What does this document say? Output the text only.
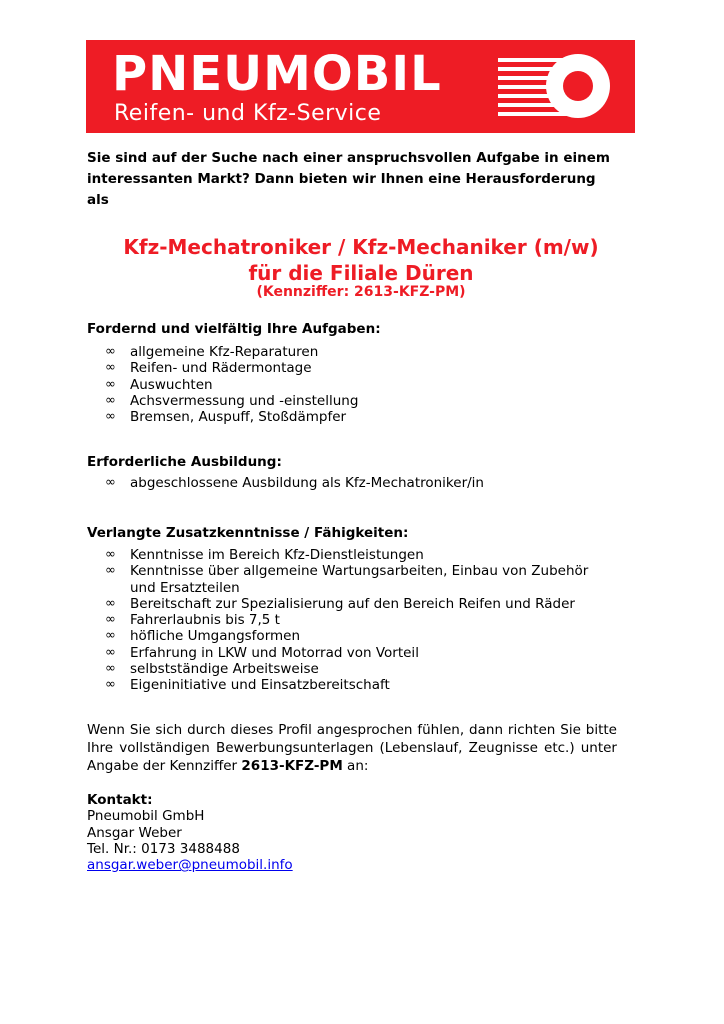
PNEUMOBIL
Reifen- und Kfz-Service
Sie sind auf der Suche nach einer anspruchsvollen Aufgabe in einem interessanten Markt? Dann bieten wir Ihnen eine Herausforderung als
Kfz-Mechatroniker / Kfz-Mechaniker (m/w)
für die Filiale Düren
(Kennziffer: 2613-KFZ-PM)
Fordernd und vielfältig Ihre Aufgaben:
∞ allgemeine Kfz-Reparaturen
∞ Reifen- und Rädermontage
∞ Auswuchten
∞ Achsvermessung und -einstellung
∞ Bremsen, Auspuff, Stoßdämpfer
Erforderliche Ausbildung:
∞ abgeschlossene Ausbildung als Kfz-Mechatroniker/in
Verlangte Zusatzkenntnisse / Fähigkeiten:
∞ Kenntnisse im Bereich Kfz-Dienstleistungen
∞ Kenntnisse über allgemeine Wartungsarbeiten, Einbau von Zubehör und Ersatzteilen
∞ Bereitschaft zur Spezialisierung auf den Bereich Reifen und Räder
∞ Fahrerlaubnis bis 7,5 t
∞ höfliche Umgangsformen
∞ Erfahrung in LKW und Motorrad von Vorteil
∞ selbstständige Arbeitsweise
∞ Eigeninitiative und Einsatzbereitschaft
Wenn Sie sich durch dieses Profil angesprochen fühlen, dann richten Sie bitte Ihre vollständigen Bewerbungsunterlagen (Lebenslauf, Zeugnisse etc.) unter Angabe der Kennziffer 2613-KFZ-PM an:
Kontakt:
Pneumobil GmbH
Ansgar Weber
Tel. Nr.: 0173 3488488
ansgar.weber@pneumobil.info
